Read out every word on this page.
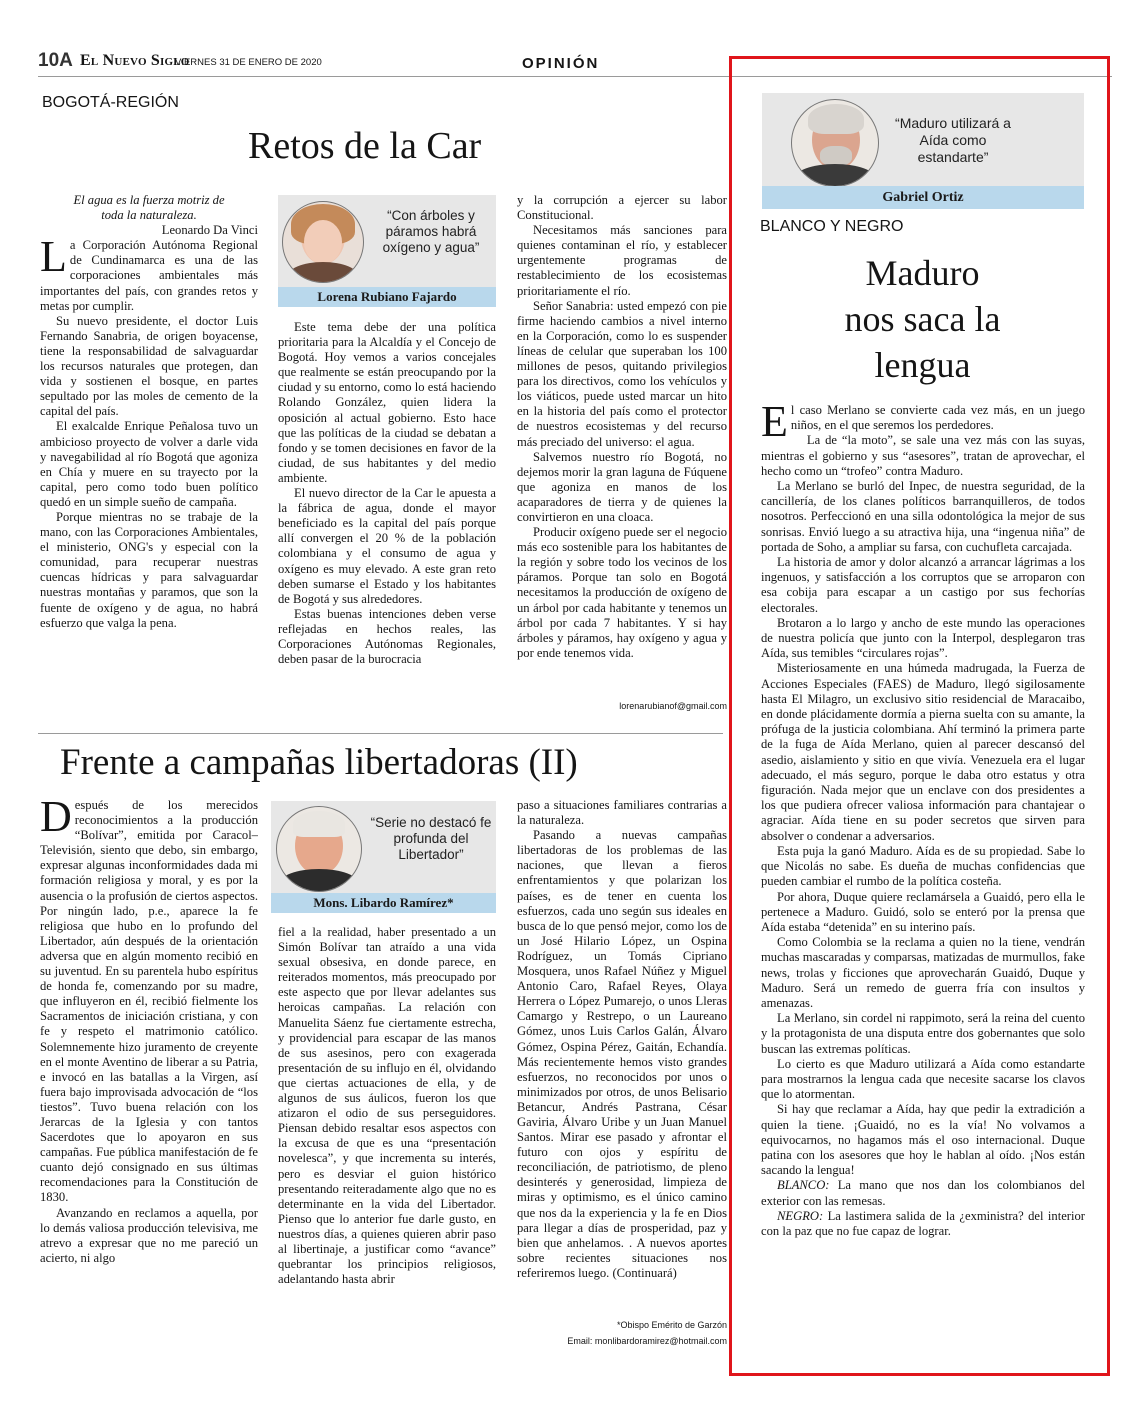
10A El Nuevo Siglo
VIERNES 31 DE ENERO DE 2020	OPINIÓN
BOGOTÁ-REGIÓN
Retos de la Car

El agua es la fuerza motriz de toda la naturaleza.

Leonardo Da Vinci

La Corporación Autónoma Regional de Cundinamarca es una de las corporaciones ambientales más importantes del país, con grandes retos y metas por cumplir.

Su nuevo presidente, el doctor Luis Fernando Sanabria, de origen boyacense, tiene la responsabilidad de salvaguardar los recursos naturales que protegen, dan vida y sostienen el bosque, en partes sepultado por las moles de cemento de la capital del país.

El exalcalde Enrique Peñalosa tuvo un ambicioso proyecto de volver a darle vida y navegabilidad al río Bogotá que agoniza en Chía y muere en su trayecto por la capital, pero como todo buen político quedó en un simple sueño de campaña.

Porque mientras no se trabaje de la mano, con las Corporaciones Ambientales, el ministerio, ONG's y especial con la comunidad, para recuperar nuestras cuencas hídricas y para salvaguardar nuestras montañas y paramos, que son la fuente de oxígeno y de agua, no habrá esfuerzo que valga la pena.

“Con árboles y páramos habrá oxígeno y agua”
Lorena Rubiano Fajardo

Este tema debe der una política prioritaria para la Alcaldía y el Concejo de Bogotá. Hoy vemos a varios concejales que realmente se están preocupando por la ciudad y su entorno, como lo está haciendo Rolando González, quien lidera la oposición al actual gobierno. Esto hace que las políticas de la ciudad se debatan a fondo y se tomen decisiones en favor de la ciudad, de sus habitantes y del medio ambiente.

El nuevo director de la Car le apuesta a la fábrica de agua, donde el mayor beneficiado es la capital del país porque allí convergen el 20 % de la población colombiana y el consumo de agua y oxígeno es muy elevado. A este gran reto deben sumarse el Estado y los habitantes de Bogotá y sus alrededores.

Estas buenas intenciones deben verse reflejadas en hechos reales, las Corporaciones Autónomas Regionales, deben pasar de la burocracia

y la corrupción a ejercer su labor Constitucional.

Necesitamos más sanciones para quienes contaminan el río, y establecer urgentemente programas de restablecimiento de los ecosistemas prioritariamente el río.

Señor Sanabria: usted empezó con pie firme haciendo cambios a nivel interno en la Corporación, como lo es suspender líneas de celular que superaban los 100 millones de pesos, quitando privilegios para los directivos, como los vehículos y los viáticos, puede usted marcar un hito en la historia del país como el protector de nuestros ecosistemas y del recurso más preciado del universo: el agua.

Salvemos nuestro río Bogotá, no dejemos morir la gran laguna de Fúquene que agoniza en manos de los acaparadores de tierra y de quienes la convirtieron en una cloaca.

Producir oxígeno puede ser el negocio más eco sostenible para los habitantes de la región y sobre todo los vecinos de los páramos. Porque tan solo en Bogotá necesitamos la producción de oxígeno de un árbol por cada habitante y tenemos un árbol por cada 7 habitantes. Y si hay árboles y páramos, hay oxígeno y agua y por ende tenemos vida.

lorenarubianof@gmail.com
Frente a campañas libertadoras (II)

Después de los merecidos reconocimientos a la producción “Bolívar”, emitida por Caracol–Televisión, siento que debo, sin embargo, expresar algunas inconformidades dada mi formación religiosa y moral, y es por la ausencia o la profusión de ciertos aspectos. Por ningún lado, p.e., aparece la fe religiosa que hubo en lo profundo del Libertador, aún después de la orientación adversa que en algún momento recibió en su juventud. En su parentela hubo espíritus de honda fe, comenzando por su madre, que influyeron en él, recibió fielmente los Sacramentos de iniciación cristiana, y con fe y respeto el matrimonio católico. Solemnemente hizo juramento de creyente en el monte Aventino de liberar a su Patria, e invocó en las batallas a la Virgen, así fuera bajo improvisada advocación de “los tiestos”. Tuvo buena relación con los Jerarcas de la Iglesia y con tantos Sacerdotes que lo apoyaron en sus campañas. Fue pública manifestación de fe cuanto dejó consignado en sus últimas recomendaciones para la Constitución de 1830.

Avanzando en reclamos a aquella, por lo demás valiosa producción televisiva, me atrevo a expresar que no me pareció un acierto, ni algo

“Serie no destacó fe profunda del Libertador”
Mons. Libardo Ramírez*

fiel a la realidad, haber presentado a un Simón Bolívar tan atraído a una vida sexual obsesiva, en donde parece, en reiterados momentos, más preocupado por este aspecto que por llevar adelantes sus heroicas campañas. La relación con Manuelita Sáenz fue ciertamente estrecha, y providencial para escapar de las manos de sus asesinos, pero con exagerada presentación de su influjo en él, olvidando que ciertas actuaciones de ella, y de algunos de sus áulicos, fueron los que atizaron el odio de sus perseguidores. Piensan debido resaltar esos aspectos con la excusa de que es una “presentación novelesca”, y que incrementa su interés, pero es desviar el guion histórico presentando reiteradamente algo que no es determinante en la vida del Libertador. Pienso que lo anterior fue darle gusto, en nuestros días, a quienes quieren abrir paso al libertinaje, a justificar como “avance” quebrantar los principios religiosos, adelantando hasta abrir

paso a situaciones familiares contrarias a la naturaleza.

Pasando a nuevas campañas libertadoras de los problemas de las naciones, que llevan a fieros enfrentamientos y que polarizan los países, es de tener en cuenta los esfuerzos, cada uno según sus ideales en busca de lo que pensó mejor, como los de un José Hilario López, un Ospina Rodríguez, un Tomás Cipriano Mosquera, unos Rafael Núñez y Miguel Antonio Caro, Rafael Reyes, Olaya Herrera o López Pumarejo, o unos Lleras Camargo y Restrepo, o un Laureano Gómez, unos Luis Carlos Galán, Álvaro Gómez, Ospina Pérez, Gaitán, Echandía. Más recientemente hemos visto grandes esfuerzos, no reconocidos por unos o minimizados por otros, de unos Belisario Betancur, Andrés Pastrana, César Gaviria, Álvaro Uribe y un Juan Manuel Santos. Mirar ese pasado y afrontar el futuro con ojos y espíritu de reconciliación, de patriotismo, de pleno desinterés y generosidad, limpieza de miras y optimismo, es el único camino que nos da la experiencia y la fe en Dios para llegar a días de prosperidad, paz y bien que anhelamos. . A nuevos aportes sobre recientes situaciones nos referiremos luego. (Continuará)

*Obispo Emérito de Garzón
Email: monlibardoramirez@hotmail.com
“Maduro utilizará a Aída como estandarte”
Gabriel Ortiz
BLANCO Y NEGRO
Maduro
nos saca la
lengua

El caso Merlano se convierte cada vez más, en un juego niños, en el que seremos los perdedores.

La de “la moto”, se sale una vez más con las suyas, mientras el gobierno y sus “asesores”, tratan de aprovechar, el hecho como un “trofeo” contra Maduro.

La Merlano se burló del Inpec, de nuestra seguridad, de la cancillería, de los clanes políticos barranquilleros, de todos nosotros. Perfeccionó en una silla odontológica la mejor de sus sonrisas. Envió luego a su atractiva hija, una “ingenua niña” de portada de Soho, a ampliar su farsa, con cuchufleta carcajada.

La historia de amor y dolor alcanzó a arrancar lágrimas a los ingenuos, y satisfacción a los corruptos que se arroparon con esa cobija para escapar a un castigo por sus fechorías electorales.

Brotaron a lo largo y ancho de este mundo las operaciones de nuestra policía que junto con la Interpol, desplegaron tras Aída, sus temibles “circulares rojas”.

Misteriosamente en una húmeda madrugada, la Fuerza de Acciones Especiales (FAES) de Maduro, llegó sigilosamente hasta El Milagro, un exclusivo sitio residencial de Maracaibo, en donde plácidamente dormía a pierna suelta con su amante, la prófuga de la justicia colombiana. Ahí terminó la primera parte de la fuga de Aída Merlano, quien al parecer descansó del asedio, aislamiento y sitio en que vivía. Venezuela era el lugar adecuado, el más seguro, porque le daba otro estatus y otra figuración. Nada mejor que un enclave con dos presidentes a los que pudiera ofrecer valiosa información para chantajear o agraciar. Aída tiene en su poder secretos que sirven para absolver o condenar a adversarios.

Esta puja la ganó Maduro. Aída es de su propiedad. Sabe lo que Nicolás no sabe. Es dueña de muchas confidencias que pueden cambiar el rumbo de la política costeña.

Por ahora, Duque quiere reclamársela a Guaidó, pero ella le pertenece a Maduro. Guidó, solo se enteró por la prensa que Aída estaba “detenida” en su interino país.

Como Colombia se la reclama a quien no la tiene, vendrán muchas mascaradas y comparsas, matizadas de murmullos, fake news, trolas y ficciones que aprovecharán Guaidó, Duque y Maduro. Será un remedo de guerra fría con insultos y amenazas.

La Merlano, sin cordel ni rappimoto, será la reina del cuento y la protagonista de una disputa entre dos gobernantes que solo buscan las extremas políticas.

Lo cierto es que Maduro utilizará a Aída como estandarte para mostrarnos la lengua cada que necesite sacarse los clavos que lo atormentan.

Si hay que reclamar a Aída, hay que pedir la extradición a quien la tiene. ¡Guaidó, no es la vía! No volvamos a equivocarnos, no hagamos más el oso internacional. Duque patina con los asesores que hoy le hablan al oído. ¡Nos están sacando la lengua!

BLANCO: La mano que nos dan los colombianos del exterior con las remesas.

NEGRO: La lastimera salida de la ¿exministra? del interior con la paz que no fue capaz de lograr.
